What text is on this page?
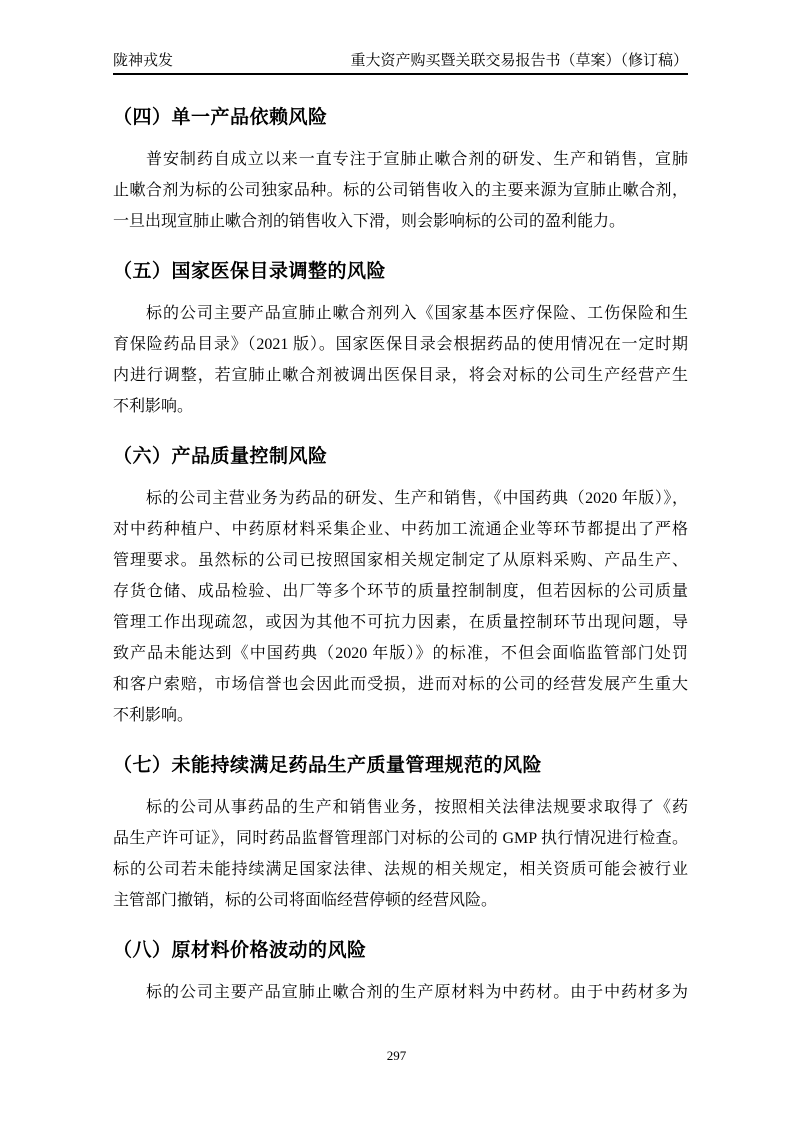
陇神戎发	重大资产购买暨关联交易报告书（草案）（修订稿）
（四）单一产品依赖风险

普安制药自成立以来一直专注于宣肺止嗽合剂的研发、生产和销售，宣肺

止嗽合剂为标的公司独家品种。标的公司销售收入的主要来源为宣肺止嗽合剂，

一旦出现宣肺止嗽合剂的销售收入下滑，则会影响标的公司的盈利能力。

（五）国家医保目录调整的风险

标的公司主要产品宣肺止嗽合剂列入《国家基本医疗保险、工伤保险和生

育保险药品目录》（2021 版）。国家医保目录会根据药品的使用情况在一定时期

内进行调整，若宣肺止嗽合剂被调出医保目录，将会对标的公司生产经营产生

不利影响。

（六）产品质量控制风险

标的公司主营业务为药品的研发、生产和销售，《中国药典（2020 年版）》，

对中药种植户、中药原材料采集企业、中药加工流通企业等环节都提出了严格

管理要求。虽然标的公司已按照国家相关规定制定了从原料采购、产品生产、

存货仓储、成品检验、出厂等多个环节的质量控制制度，但若因标的公司质量

管理工作出现疏忽，或因为其他不可抗力因素，在质量控制环节出现问题，导

致产品未能达到《中国药典（2020 年版）》的标准，不但会面临监管部门处罚

和客户索赔，市场信誉也会因此而受损，进而对标的公司的经营发展产生重大

不利影响。

（七）未能持续满足药品生产质量管理规范的风险

标的公司从事药品的生产和销售业务，按照相关法律法规要求取得了《药

品生产许可证》，同时药品监督管理部门对标的公司的 GMP 执行情况进行检查。

标的公司若未能持续满足国家法律、法规的相关规定，相关资质可能会被行业

主管部门撤销，标的公司将面临经营停顿的经营风险。

（八）原材料价格波动的风险

标的公司主要产品宣肺止嗽合剂的生产原材料为中药材。由于中药材多为

297
